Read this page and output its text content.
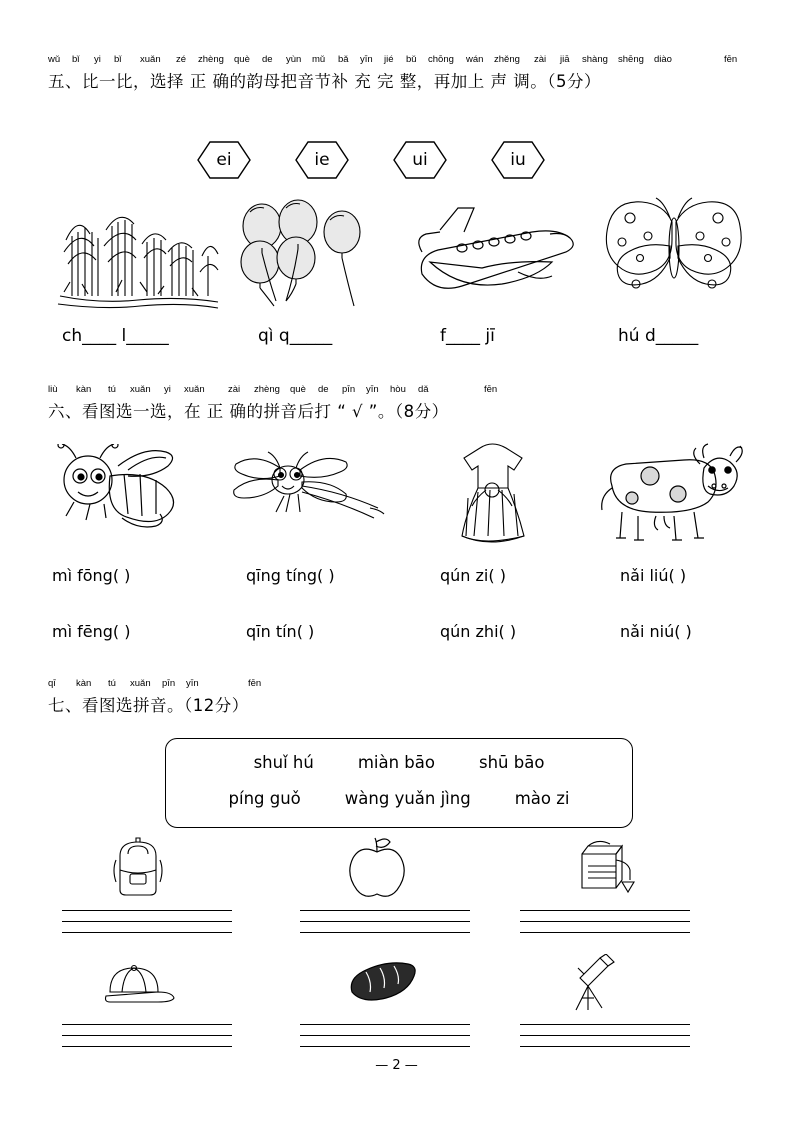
wǔ bǐ yi bǐ xuǎn zé zhèng què de yùn mǔ bǎ yīn jié bǔ chōng wán zhěng zài jiā shàng shēng diào	fēn
五、比一比，选择 正 确的韵母把音节补 充 完 整，再加上 声 调。（5分）
ei	ie	ui	iu
ch____ l_____	qì q_____	f____ jī	hú d_____
liù kàn tú xuǎn yi xuǎn zài zhèng què de pīn yīn hòu dǎ	fēn
六、看图选一选，在 正 确的拼音后打 “ √ ”。（8分）
mì fōng( )	qīng tíng( )	qún zi( )	nǎi liú( )
mì fēng( )	qīn tín( )	qún zhi( )	nǎi niú( )
qī kàn tú xuǎn pīn yīn	fēn
七、看图选拼音。（12分）
shuǐ hú	miàn bāo	shū bāo
píng guǒ	wàng yuǎn jìng	mào zi
— 2 —
